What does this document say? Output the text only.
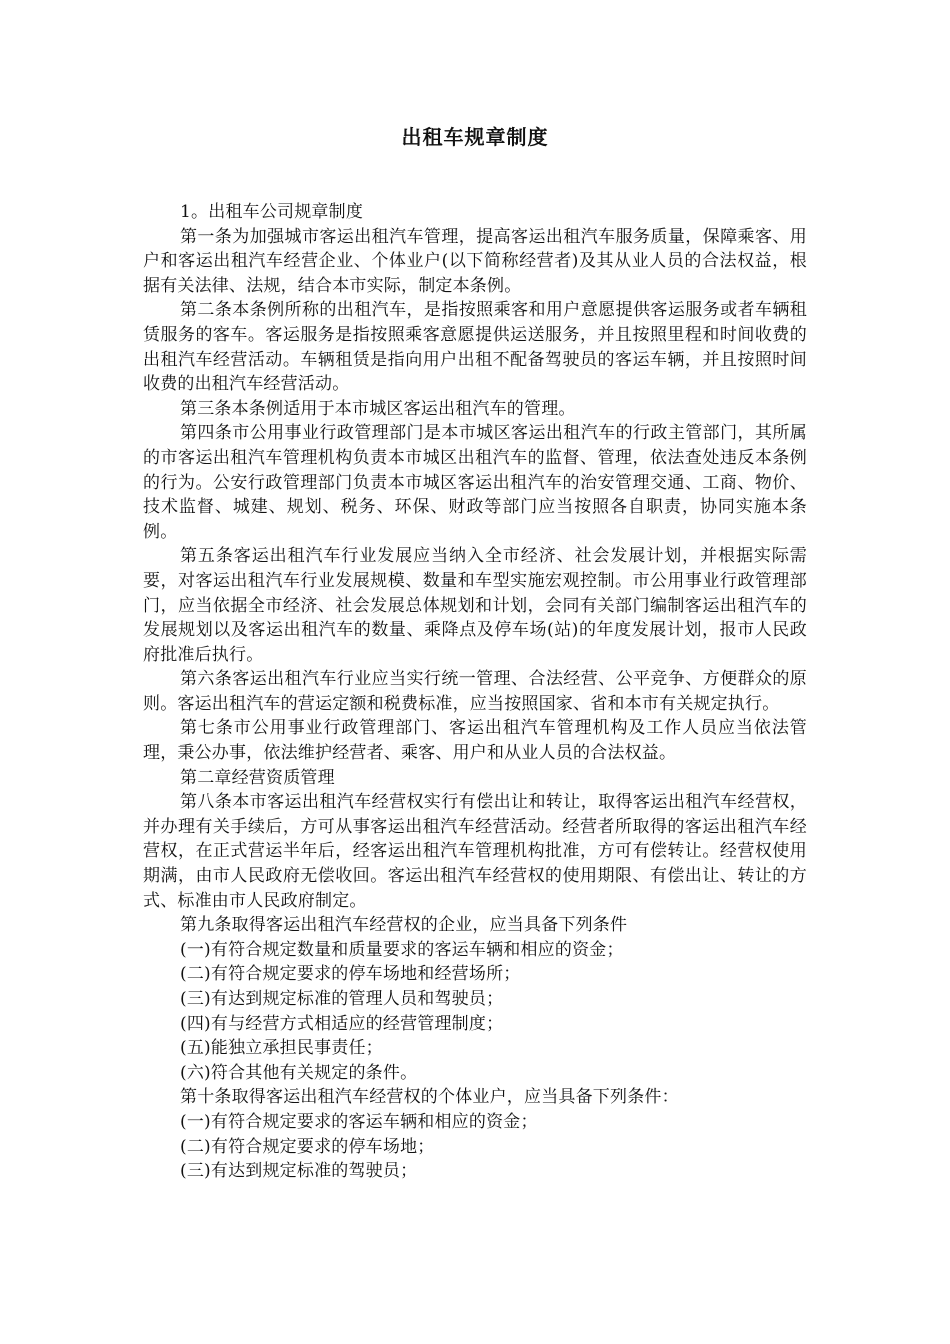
出租车规章制度

1。出租车公司规章制度

第一条为加强城市客运出租汽车管理，提高客运出租汽车服务质量，保障乘客、用户和客运出租汽车经营企业、个体业户(以下简称经营者)及其从业人员的合法权益，根据有关法律、法规，结合本市实际，制定本条例。

第二条本条例所称的出租汽车，是指按照乘客和用户意愿提供客运服务或者车辆租赁服务的客车。客运服务是指按照乘客意愿提供运送服务，并且按照里程和时间收费的出租汽车经营活动。车辆租赁是指向用户出租不配备驾驶员的客运车辆，并且按照时间收费的出租汽车经营活动。

第三条本条例适用于本市城区客运出租汽车的管理。

第四条市公用事业行政管理部门是本市城区客运出租汽车的行政主管部门，其所属的市客运出租汽车管理机构负责本市城区出租汽车的监督、管理，依法查处违反本条例的行为。公安行政管理部门负责本市城区客运出租汽车的治安管理交通、工商、物价、技术监督、城建、规划、税务、环保、财政等部门应当按照各自职责，协同实施本条例。

第五条客运出租汽车行业发展应当纳入全市经济、社会发展计划，并根据实际需要，对客运出租汽车行业发展规模、数量和车型实施宏观控制。市公用事业行政管理部门，应当依据全市经济、社会发展总体规划和计划，会同有关部门编制客运出租汽车的发展规划以及客运出租汽车的数量、乘降点及停车场(站)的年度发展计划，报市人民政府批准后执行。

第六条客运出租汽车行业应当实行统一管理、合法经营、公平竞争、方便群众的原则。客运出租汽车的营运定额和税费标准，应当按照国家、省和本市有关规定执行。

第七条市公用事业行政管理部门、客运出租汽车管理机构及工作人员应当依法管理，秉公办事，依法维护经营者、乘客、用户和从业人员的合法权益。

第二章经营资质管理

第八条本市客运出租汽车经营权实行有偿出让和转让，取得客运出租汽车经营权，并办理有关手续后，方可从事客运出租汽车经营活动。经营者所取得的客运出租汽车经营权，在正式营运半年后，经客运出租汽车管理机构批准，方可有偿转让。经营权使用期满，由市人民政府无偿收回。客运出租汽车经营权的使用期限、有偿出让、转让的方式、标准由市人民政府制定。

第九条取得客运出租汽车经营权的企业，应当具备下列条件

(一)有符合规定数量和质量要求的客运车辆和相应的资金；

(二)有符合规定要求的停车场地和经营场所；

(三)有达到规定标准的管理人员和驾驶员；

(四)有与经营方式相适应的经营管理制度；

(五)能独立承担民事责任；

(六)符合其他有关规定的条件。

第十条取得客运出租汽车经营权的个体业户，应当具备下列条件：

(一)有符合规定要求的客运车辆和相应的资金；

(二)有符合规定要求的停车场地；

(三)有达到规定标准的驾驶员；
